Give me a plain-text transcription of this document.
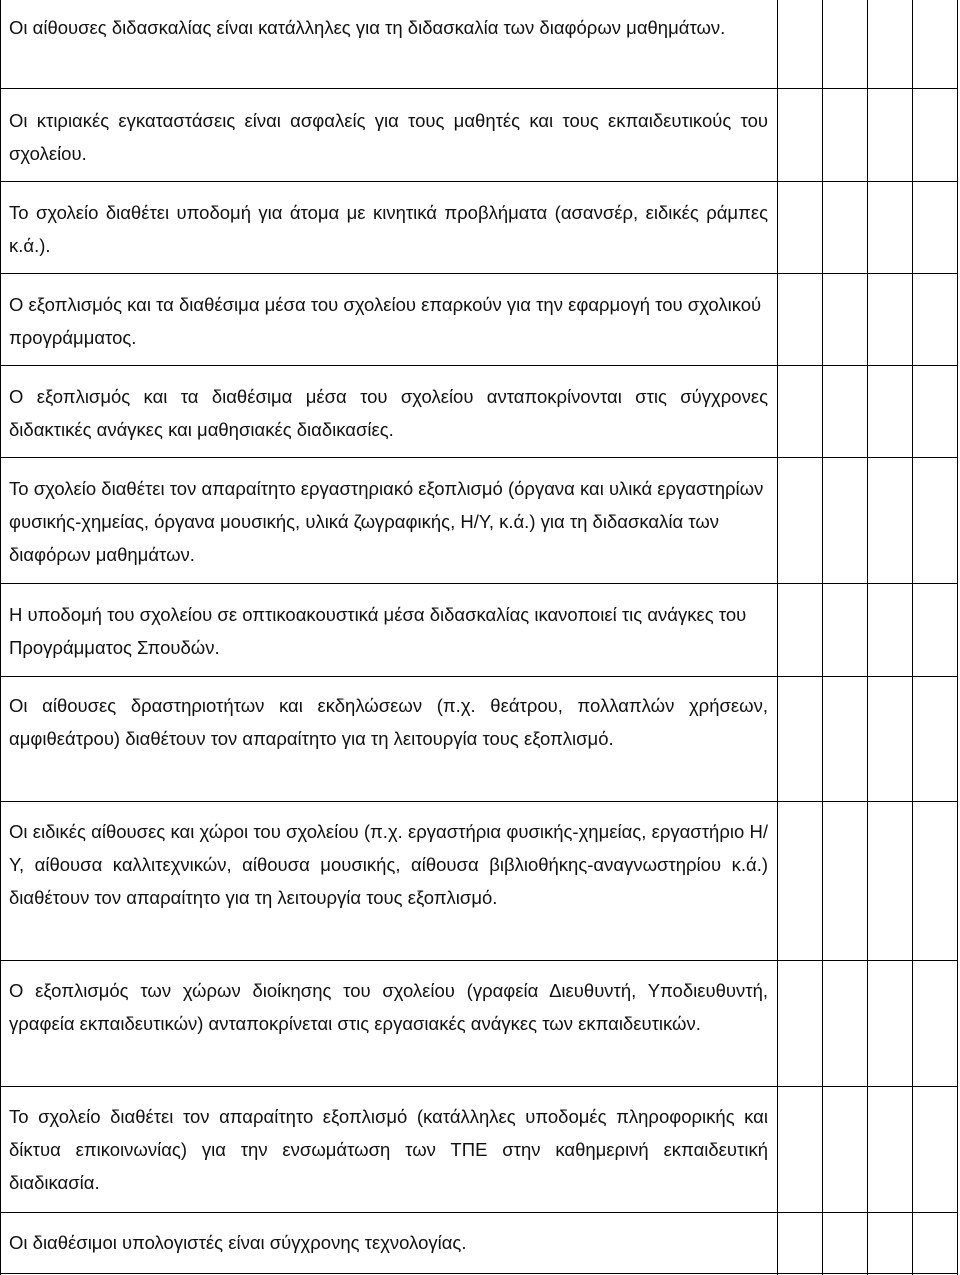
Οι αίθουσες διδασκαλίας είναι κατάλληλες για τη διδασκαλία των διαφόρων μαθημάτων.

Οι κτιριακές εγκαταστάσεις είναι ασφαλείς για τους μαθητές και τους εκπαιδευτικούς του σχολείου.

Το σχολείο διαθέτει υποδομή για άτομα με κινητικά προβλήματα (ασανσέρ, ειδικές ράμπες κ.ά.).

Ο εξοπλισμός και τα διαθέσιμα μέσα του σχολείου επαρκούν για την εφαρμογή του σχολικού προγράμματος.

Ο εξοπλισμός και τα διαθέσιμα μέσα του σχολείου ανταποκρίνονται στις σύγχρονες διδακτικές ανάγκες και μαθησιακές διαδικασίες.

Το σχολείο διαθέτει τον απαραίτητο εργαστηριακό εξοπλισμό (όργανα και υλικά εργαστηρίων φυσικής-χημείας, όργανα μουσικής, υλικά ζωγραφικής, Η/Υ, κ.ά.) για τη διδασκαλία των διαφόρων μαθημάτων.

Η υποδομή του σχολείου σε οπτικοακουστικά μέσα διδασκαλίας ικανοποιεί τις ανάγκες του Προγράμματος Σπουδών.

Οι αίθουσες δραστηριοτήτων και εκδηλώσεων (π.χ. θεάτρου, πολλαπλών χρήσεων, αμφιθεάτρου) διαθέτουν τον απαραίτητο για τη λειτουργία τους εξοπλισμό.

Οι ειδικές αίθουσες και χώροι του σχολείου (π.χ. εργαστήρια φυσικής-χημείας, εργαστήριο Η/Υ, αίθουσα καλλιτεχνικών, αίθουσα μουσικής, αίθουσα βιβλιοθήκης-αναγνωστηρίου κ.ά.) διαθέτουν τον απαραίτητο για τη λειτουργία τους εξοπλισμό.

Ο εξοπλισμός των χώρων διοίκησης του σχολείου (γραφεία Διευθυντή, Υποδιευθυντή, γραφεία εκπαιδευτικών) ανταποκρίνεται στις εργασιακές ανάγκες των εκπαιδευτικών.

Το σχολείο διαθέτει τον απαραίτητο εξοπλισμό (κατάλληλες υποδομές πληροφορικής και δίκτυα επικοινωνίας) για την ενσωμάτωση των ΤΠΕ στην καθημερινή εκπαιδευτική διαδικασία.

Οι διαθέσιμοι υπολογιστές είναι σύγχρονης τεχνολογίας.
